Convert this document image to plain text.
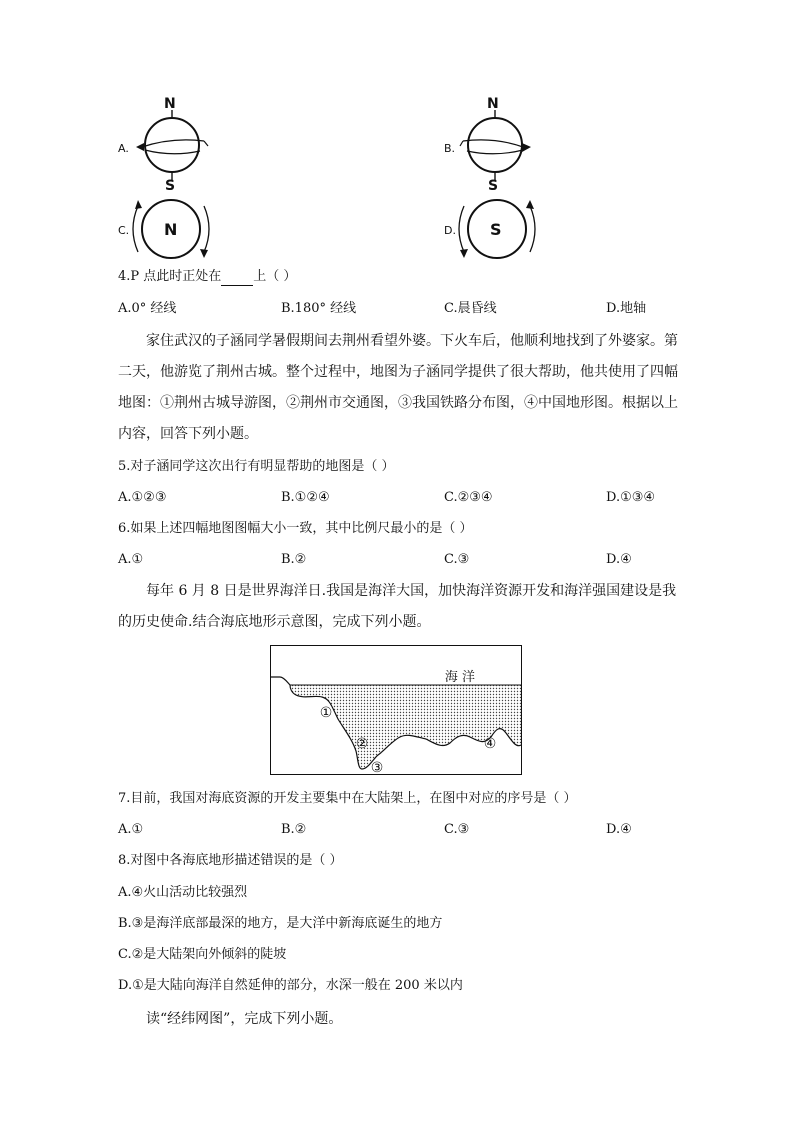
A.
N
S
B.
N
S
C. N	D. S
4.P 点此时正处在 上（ ）
A.0° 经线	B.180° 经线	C.晨昏线	D.地轴
家住武汉的子涵同学暑假期间去荆州看望外婆。下火车后，他顺利地找到了外婆家。第二天，他游览了荆州古城。整个过程中，地图为子涵同学提供了很大帮助，他共使用了四幅地图：①荆州古城导游图，②荆州市交通图，③我国铁路分布图，④中国地形图。根据以上内容，回答下列小题。
5.对子涵同学这次出行有明显帮助的地图是（ ）
A.①②③	B.①②④	C.②③④	D.①③④
6.如果上述四幅地图图幅大小一致，其中比例尺最小的是（ ）
A.①	B.②	C.③	D.④
每年 6 月 8 日是世界海洋日.我国是海洋大国，加快海洋资源开发和海洋强国建设是我的历史使命.结合海底地形示意图，完成下列小题。
海 洋
①
②
③
④
7.目前，我国对海底资源的开发主要集中在大陆架上，在图中对应的序号是（ ）
A.①	B.②	C.③	D.④
8.对图中各海底地形描述错误的是（ ）
A.④火山活动比较强烈
B.③是海洋底部最深的地方，是大洋中新海底诞生的地方
C.②是大陆架向外倾斜的陡坡
D.①是大陆向海洋自然延伸的部分，水深一般在 200 米以内
读“经纬网图”，完成下列小题。
